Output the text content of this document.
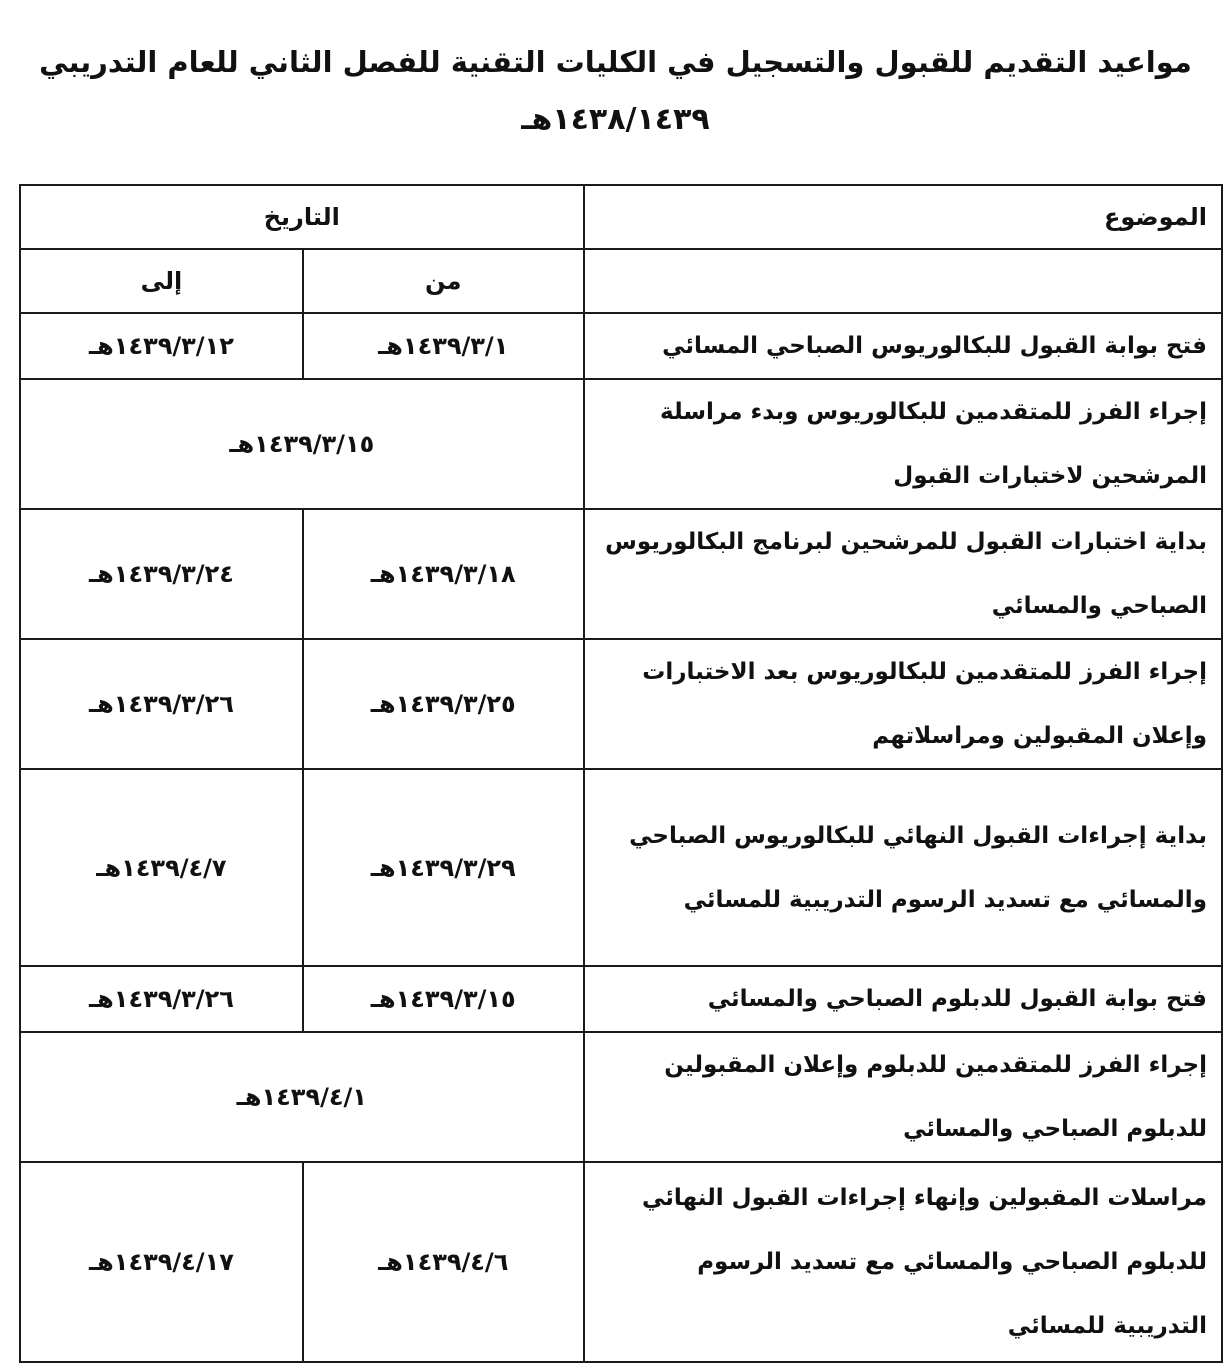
مواعيد التقديم للقبول والتسجيل في الكليات التقنية للفصل الثاني للعام التدريبي
١٤٣٨/١٤٣٩هـ
الموضوع	التاريخ	
	من	إلى
فتح بوابة القبول للبكالوريوس الصباحي المسائي	١٤٣٩/٣/١هـ	١٤٣٩/٣/١٢هـ
إجراء الفرز للمتقدمين للبكالوريوس وبدء مراسلة المرشحين لاختبارات القبول	١٤٣٩/٣/١٥هـ	
بداية اختبارات القبول للمرشحين لبرنامج البكالوريوس الصباحي والمسائي	١٤٣٩/٣/١٨هـ	١٤٣٩/٣/٢٤هـ
إجراء الفرز للمتقدمين للبكالوريوس بعد الاختبارات وإعلان المقبولين ومراسلاتهم	١٤٣٩/٣/٢٥هـ	١٤٣٩/٣/٢٦هـ
بداية إجراءات القبول النهائي للبكالوريوس الصباحي والمسائي مع تسديد الرسوم التدريبية للمسائي	١٤٣٩/٣/٢٩هـ	١٤٣٩/٤/٧هـ
فتح بوابة القبول للدبلوم الصباحي والمسائي	١٤٣٩/٣/١٥هـ	١٤٣٩/٣/٢٦هـ
إجراء الفرز للمتقدمين للدبلوم وإعلان المقبولين للدبلوم الصباحي والمسائي	١٤٣٩/٤/١هـ	
مراسلات المقبولين وإنهاء إجراءات القبول النهائي للدبلوم الصباحي والمسائي مع تسديد الرسوم التدريبية للمسائي	١٤٣٩/٤/٦هـ	١٤٣٩/٤/١٧هـ
